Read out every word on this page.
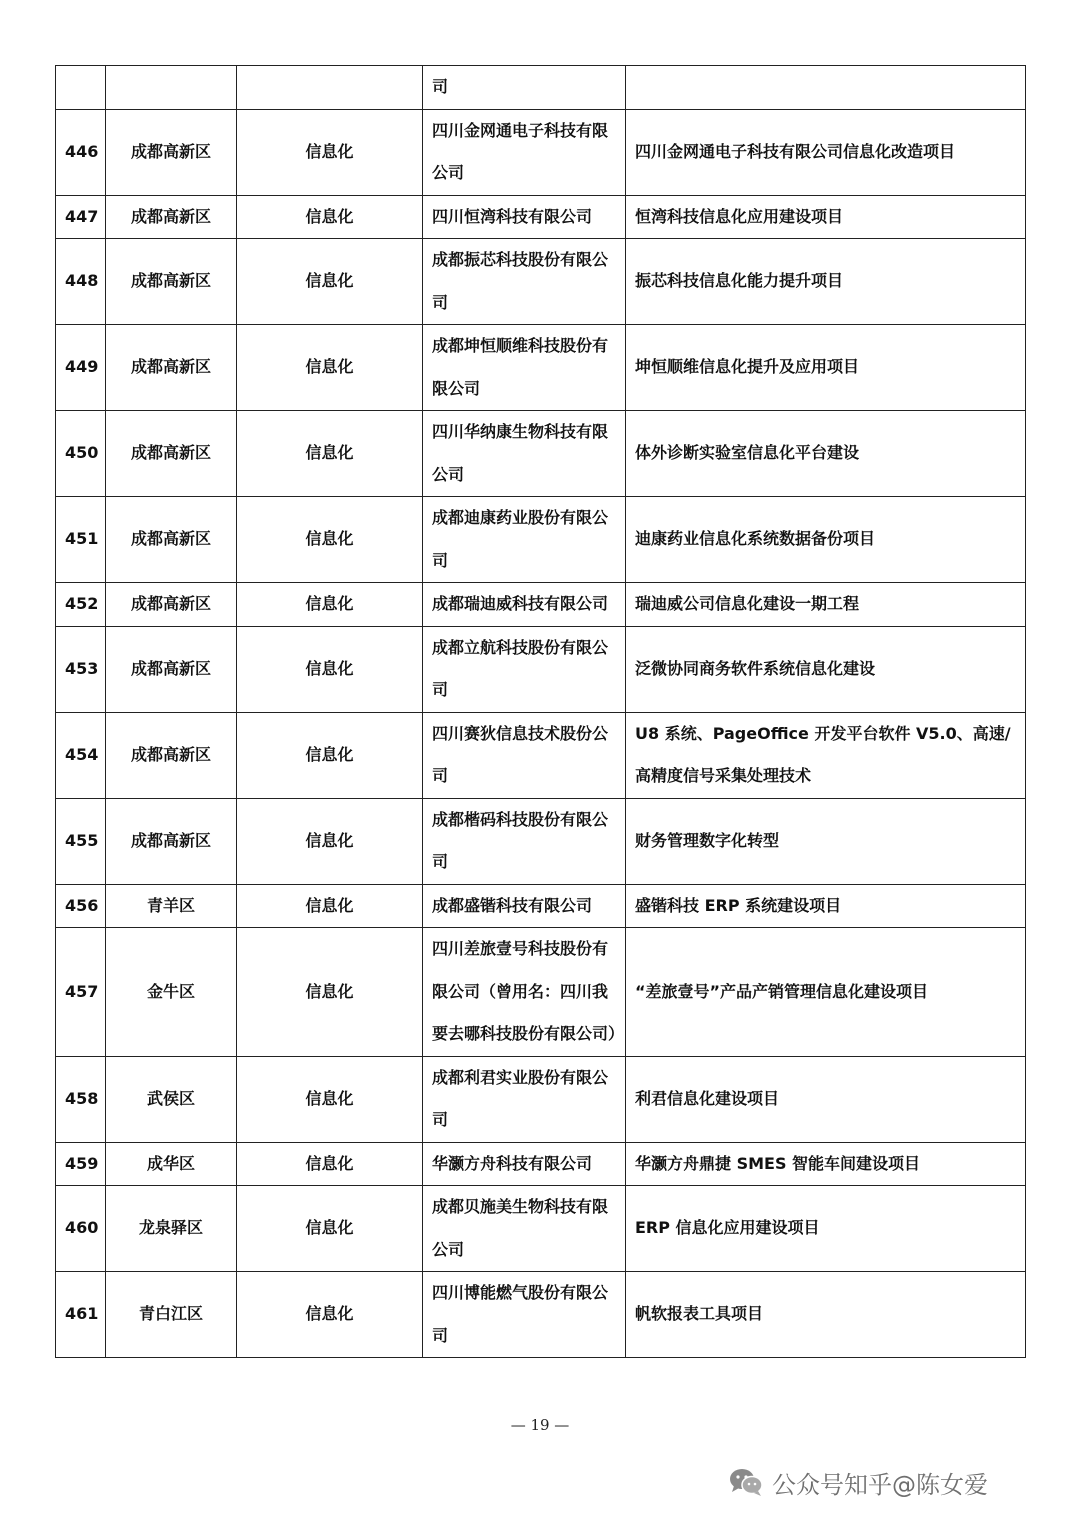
			司	
446	成都高新区	信息化	四川金网通电子科技有限公司	四川金网通电子科技有限公司信息化改造项目
447	成都高新区	信息化	四川恒湾科技有限公司	恒湾科技信息化应用建设项目
448	成都高新区	信息化	成都振芯科技股份有限公司	振芯科技信息化能力提升项目
449	成都高新区	信息化	成都坤恒顺维科技股份有限公司	坤恒顺维信息化提升及应用项目
450	成都高新区	信息化	四川华纳康生物科技有限公司	体外诊断实验室信息化平台建设
451	成都高新区	信息化	成都迪康药业股份有限公司	迪康药业信息化系统数据备份项目
452	成都高新区	信息化	成都瑞迪威科技有限公司	瑞迪威公司信息化建设一期工程
453	成都高新区	信息化	成都立航科技股份有限公司	泛微协同商务软件系统信息化建设
454	成都高新区	信息化	四川赛狄信息技术股份公司	U8 系统、PageOffice 开发平台软件 V5.0、高速/高精度信号采集处理技术
455	成都高新区	信息化	成都楷码科技股份有限公司	财务管理数字化转型
456	青羊区	信息化	成都盛锴科技有限公司	盛锴科技 ERP 系统建设项目
457	金牛区	信息化	四川差旅壹号科技股份有限公司（曾用名：四川我要去哪科技股份有限公司）	“差旅壹号”产品产销管理信息化建设项目
458	武侯区	信息化	成都利君实业股份有限公司	利君信息化建设项目
459	成华区	信息化	华灏方舟科技有限公司	华灏方舟鼎捷 SMES 智能车间建设项目
460	龙泉驿区	信息化	成都贝施美生物科技有限公司	ERP 信息化应用建设项目
461	青白江区	信息化	四川博能燃气股份有限公司	帆软报表工具项目
— 19 —
公众号知乎@陈女爱
